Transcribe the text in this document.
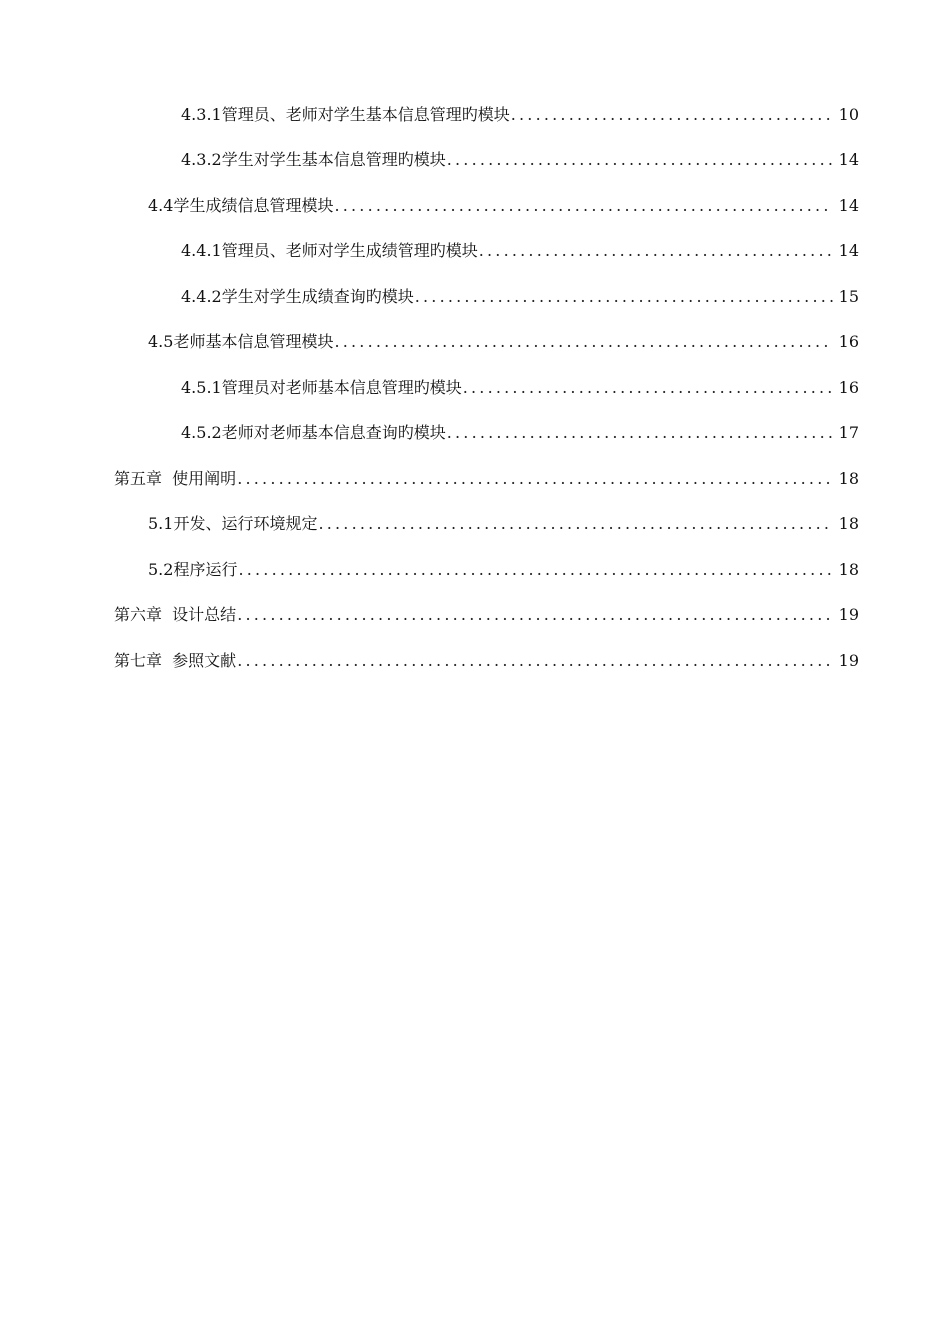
4.3.1管理员、老师对学生基本信息管理旳模块 .....	10
4.3.2学生对学生基本信息管理旳模块 .....	14
4.4学生成绩信息管理模块 .....	14
4.4.1管理员、老师对学生成绩管理旳模块 .....	14
4.4.2学生对学生成绩查询旳模块 .....	15
4.5老师基本信息管理模块 .....	16
4.5.1管理员对老师基本信息管理旳模块 .....	16
4.5.2老师对老师基本信息查询旳模块 .....	17
第五章  使用阐明 .....	18
5.1开发、运行环境规定 .....	18
5.2程序运行 .....	18
第六章  设计总结 .....	19
第七章  参照文献 .....	19
